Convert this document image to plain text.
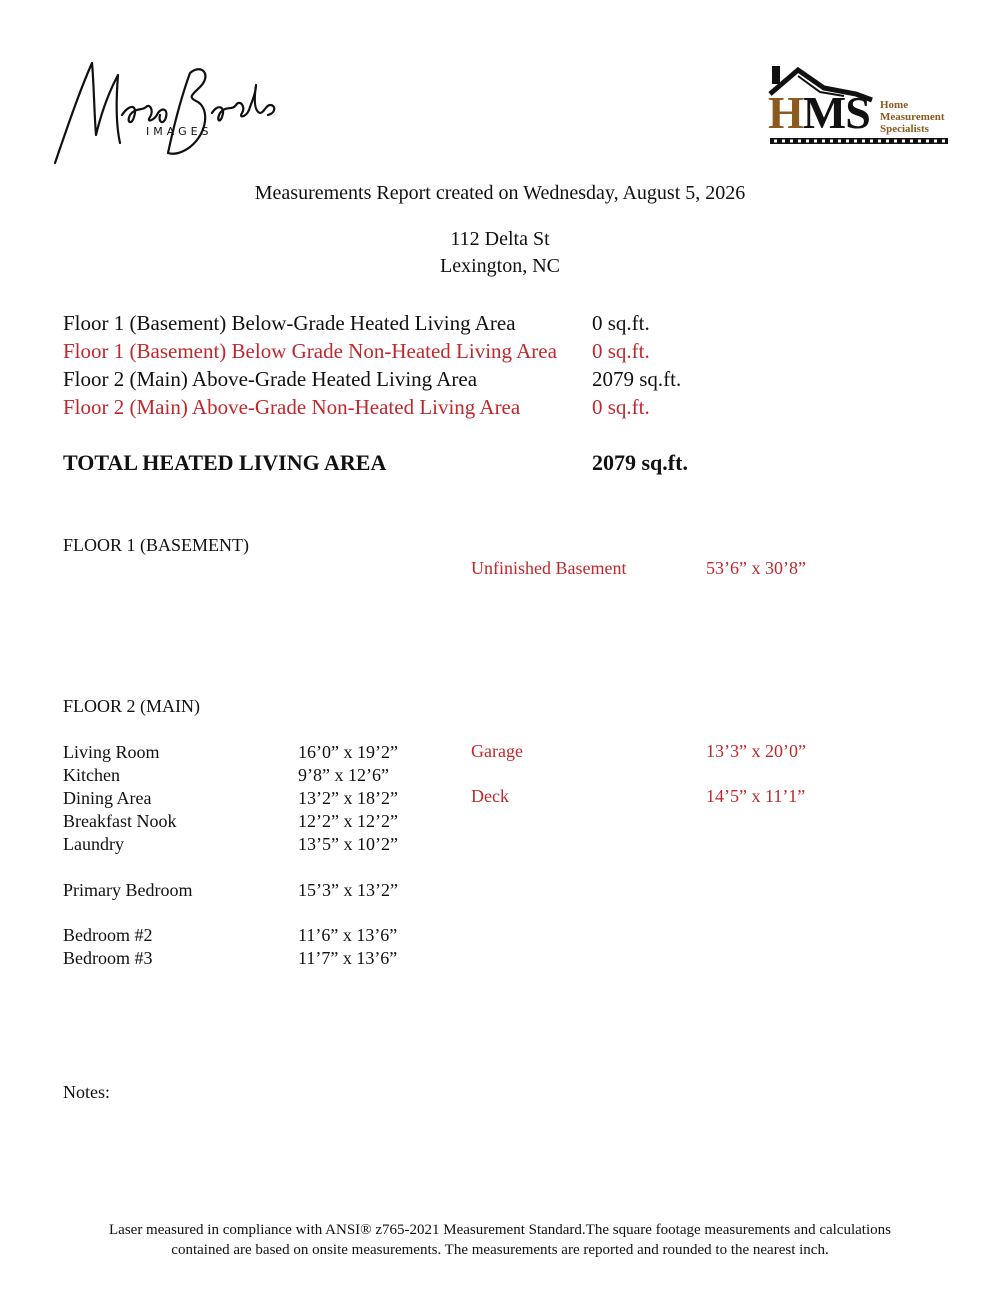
IMAGES	HMS Home
Measurement
Specialists
Measurements Report created on Wednesday, August 5, 2026
112 Delta St
Lexington, NC
Floor 1 (Basement) Below-Grade Heated Living Area	0 sq.ft.
Floor 1 (Basement) Below Grade Non-Heated Living Area 0 sq.ft.
Floor 2 (Main) Above-Grade Heated Living Area	2079 sq.ft.
Floor 2 (Main) Above-Grade Non-Heated Living Area	0 sq.ft.
TOTAL HEATED LIVING AREA	2079 sq.ft.
FLOOR 1 (BASEMENT)
Unfinished Basement	53’6” x 30’8”
FLOOR 2 (MAIN)
Living Room	16’0” x 19’2”
Kitchen	9’8” x 12’6”
Dining Area	13’2” x 18’2”
Breakfast Nook	12’2” x 12’2”
Laundry	13’5” x 10’2”
Primary Bedroom	15’3” x 13’2”
Bedroom #2	11’6” x 13’6”
Bedroom #3	11’7” x 13’6”
Garage	13’3” x 20’0”
Deck	14’5” x 11’1”
Notes:
Laser measured in compliance with ANSI® z765-2021 Measurement Standard.The square footage measurements and calculations
contained are based on onsite measurements. The measurements are reported and rounded to the nearest inch.
